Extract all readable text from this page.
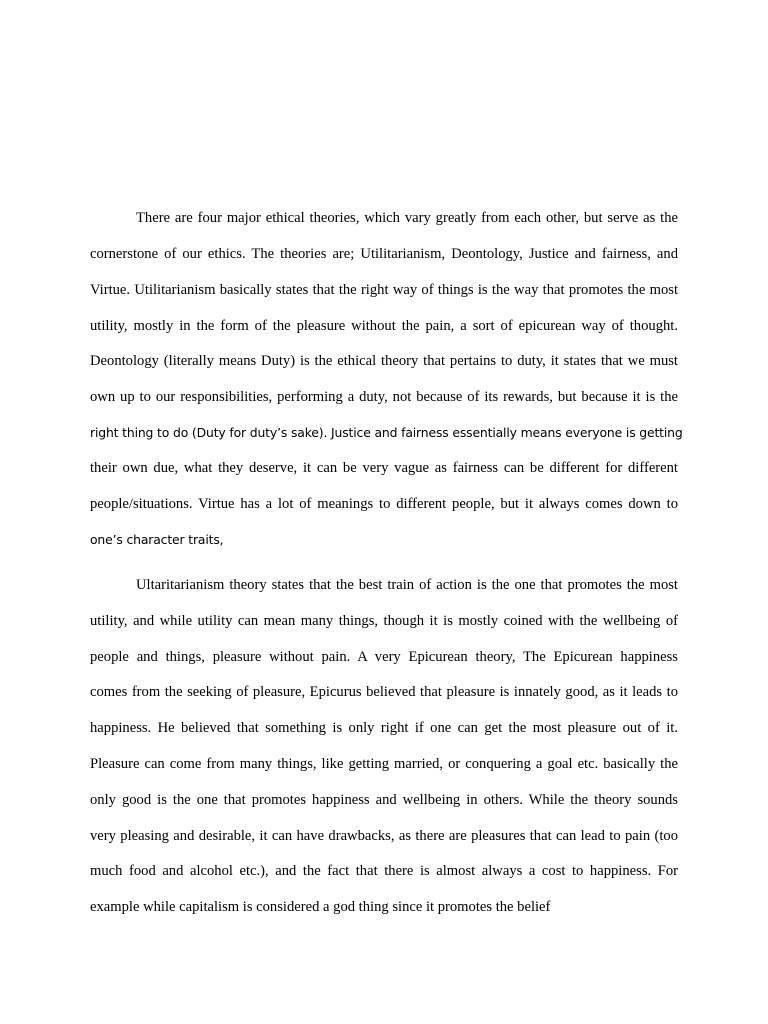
There are four major ethical theories, which vary greatly from each other, but serve as the
cornerstone of our ethics. The theories are; Utilitarianism, Deontology, Justice and fairness, and
Virtue. Utilitarianism basically states that the right way of things is the way that promotes the most
utility, mostly in the form of the pleasure without the pain, a sort of epicurean way of thought.
Deontology (literally means Duty) is the ethical theory that pertains to duty, it states that we must
own up to our responsibilities, performing a duty, not because of its rewards, but because it is the
right thing to do (Duty for duty’s sake). Justice and fairness essentially means everyone is getting
their own due, what they deserve, it can be very vague as fairness can be different for different
people/situations. Virtue has a lot of meanings to different people, but it always comes down to
one’s character traits,
Ultaritarianism theory states that the best train of action is the one that promotes the most
utility, and while utility can mean many things, though it is mostly coined with the wellbeing of
people and things, pleasure without pain. A very Epicurean theory, The Epicurean happiness
comes from the seeking of pleasure, Epicurus believed that pleasure is innately good, as it leads to
happiness. He believed that something is only right if one can get the most pleasure out of it.
Pleasure can come from many things, like getting married, or conquering a goal etc. basically the
only good is the one that promotes happiness and wellbeing in others. While the theory sounds
very pleasing and desirable, it can have drawbacks, as there are pleasures that can lead to pain (too
much food and alcohol etc.), and the fact that there is almost always a cost to happiness. For
example while capitalism is considered a god thing since it promotes the belief
